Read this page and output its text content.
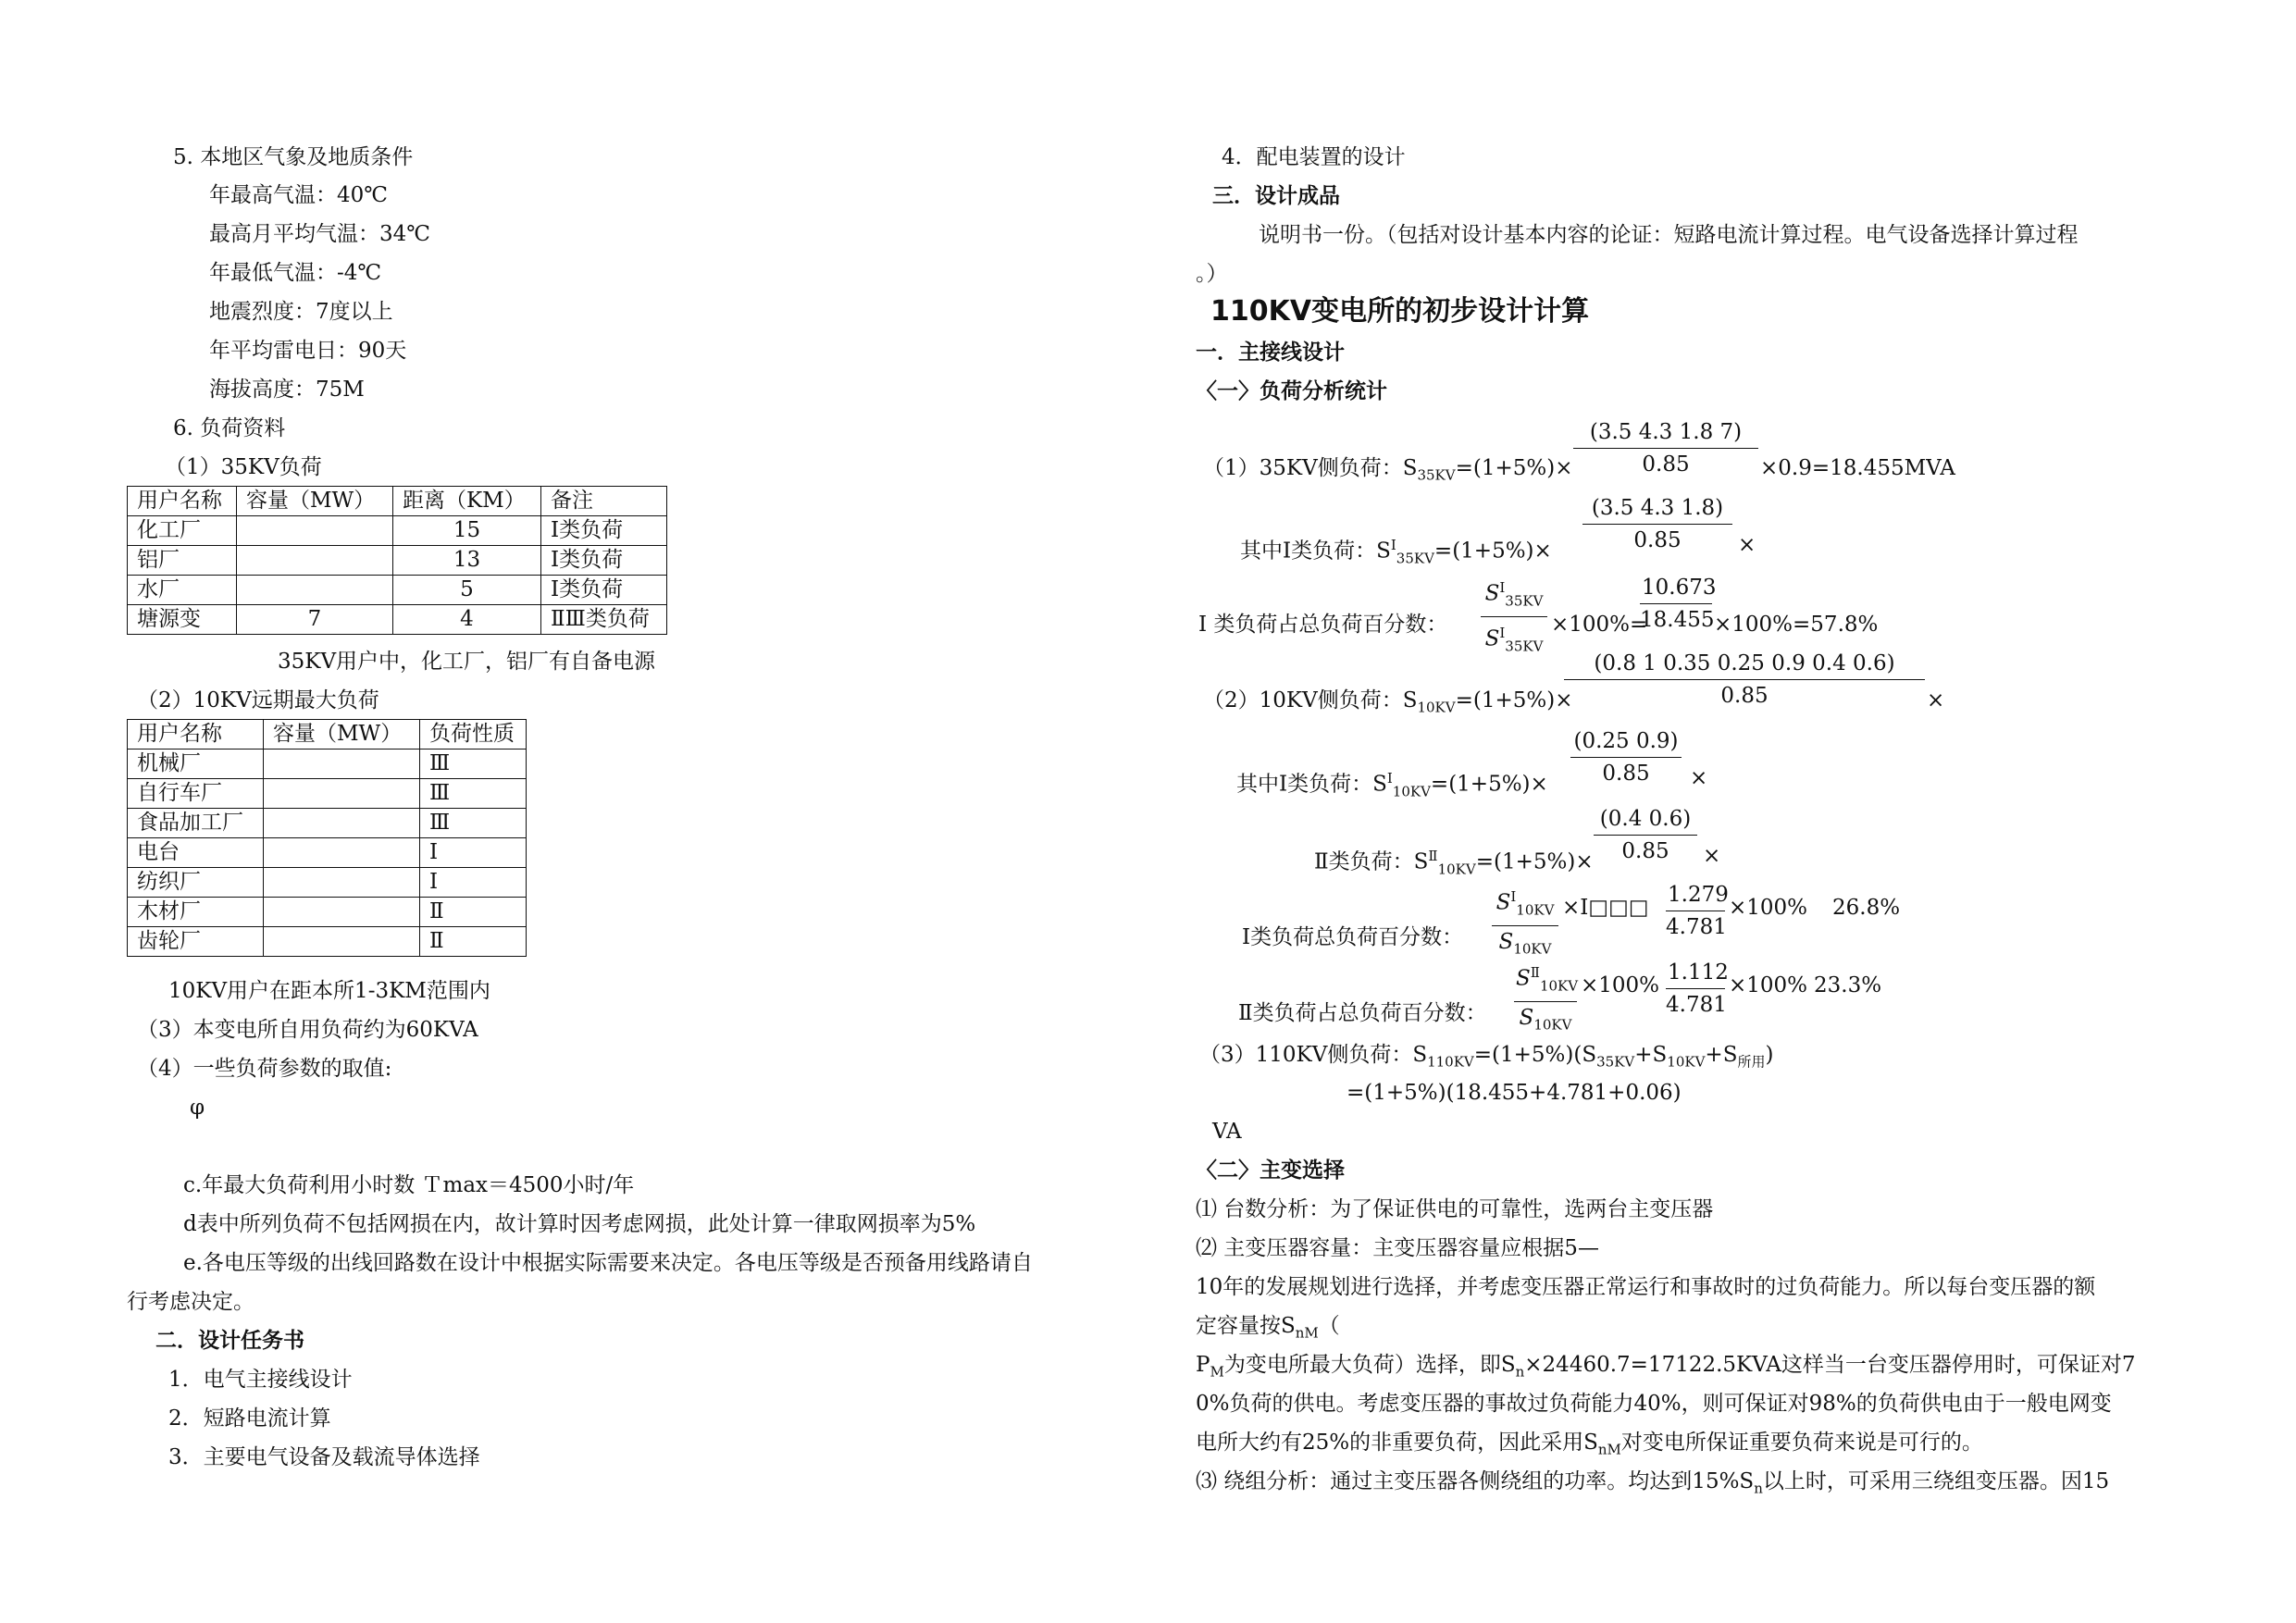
5. 本地区气象及地质条件
年最高气温：40℃
最高月平均气温：34℃
年最低气温：-4℃
地震烈度：7度以上
年平均雷电日：90天
海拔高度：75M
6. 负荷资料
（1）35KV负荷
用户名称	容量（MW）	距离（KM）	备注
化工厂		15	Ⅰ类负荷
铝厂		13	Ⅰ类负荷
水厂		5	Ⅰ类负荷
塘源变	7	4	ⅡⅢ类负荷
35KV用户中，化工厂，铝厂有自备电源
（2）10KV远期最大负荷
用户名称	容量（MW）	负荷性质
机械厂		Ⅲ
自行车厂		Ⅲ
食品加工厂		Ⅲ
电台		Ⅰ
纺织厂		Ⅰ
木材厂		Ⅱ
齿轮厂		Ⅱ
10KV用户在距本所1-3KM范围内
（3）本变电所自用负荷约为60KVA
（4）一些负荷参数的取值:
φ
c.年最大负荷利用小时数 Ｔmax＝4500小时/年
d表中所列负荷不包括网损在内，故计算时因考虑网损，此处计算一律取网损率为5%
e.各电压等级的出线回路数在设计中根据实际需要来决定。各电压等级是否预备用线路请自
行考虑决定。
二．设计任务书
1．电气主接线设计
2．短路电流计算
3．主要电气设备及载流导体选择
4．配电装置的设计
三．设计成品
说明书一份。（包括对设计基本内容的论证：短路电流计算过程。电气设备选择计算过程
。）
110KV变电所的初步设计计算
一．主接线设计
〈一〉负荷分析统计
（1）35KV侧负荷：$S_{35KV}=(1+5\%)\times \frac{(3.5 4.3 1.8 7)}{0.85} \times 0.9=18.455MVA$
其中Ⅰ类负荷：$S^Ⅰ_{35KV}=(1+5\%)\times \frac{(3.5 4.3 1.8)}{0.85}$ ×
Ⅰ 类负荷占总负荷百分数： $\frac{S^Ⅰ_{35KV}}{S^Ⅰ_{35KV}} \times 100\%=$
$\frac{10.673}{18.455} \times 100\%=57.8\%$
（2）10KV侧负荷：$S_{10KV}=(1+5\%)\times$
$\frac{(0.8 1 0.35 0.25 0.9 0.4 0.6)}{0.85}$ ×
其中Ⅰ类负荷：$S^Ⅰ_{10KV}=(1+5\%)\times \frac{(0.25 0.9)}{0.85}$ ×
Ⅱ类负荷：$S^Ⅱ_{10KV}=(1+5\%)\times \frac{(0.4 0.6)}{0.85}$ ×
Ⅰ类负荷总负荷百分数： $\frac{S^Ⅰ_{10KV}}{S_{10KV}}$ ×I□□□ $\frac{1.279}{4.781} \times 100\%$ 26.8%
Ⅱ类负荷占总负荷百分数： $\frac{S^Ⅱ_{10KV}}{S_{10KV}} \times 100\% \frac{1.112}{4.781} \times 100\%$ 23.3%
（3）110KV侧负荷：$S_{110KV}=(1+5\%)(S_{35KV}+S_{10KV}+S_{所用})$
=(1+5%)(18.455+4.781+0.06)
VA
〈二〉主变选择
⑴ 台数分析：为了保证供电的可靠性，选两台主变压器
⑵ 主变压器容量：主变压器容量应根据5—
10年的发展规划进行选择，并考虑变压器正常运行和事故时的过负荷能力。所以每台变压器的额
定容量按$S_{nM}$（
$P_M$为变电所最大负荷）选择，即$S_n\times 24460.7=17122.5KVA$这样当一台变压器停用时，可保证对7
0%负荷的供电。考虑变压器的事故过负荷能力40%，则可保证对98%的负荷供电由于一般电网变
电所大约有25%的非重要负荷，因此采用$S_{nM}$对变电所保证重要负荷来说是可行的。
⑶ 绕组分析：通过主变压器各侧绕组的功率。均达到$15\%S_n$以上时，可采用三绕组变压器。因15
